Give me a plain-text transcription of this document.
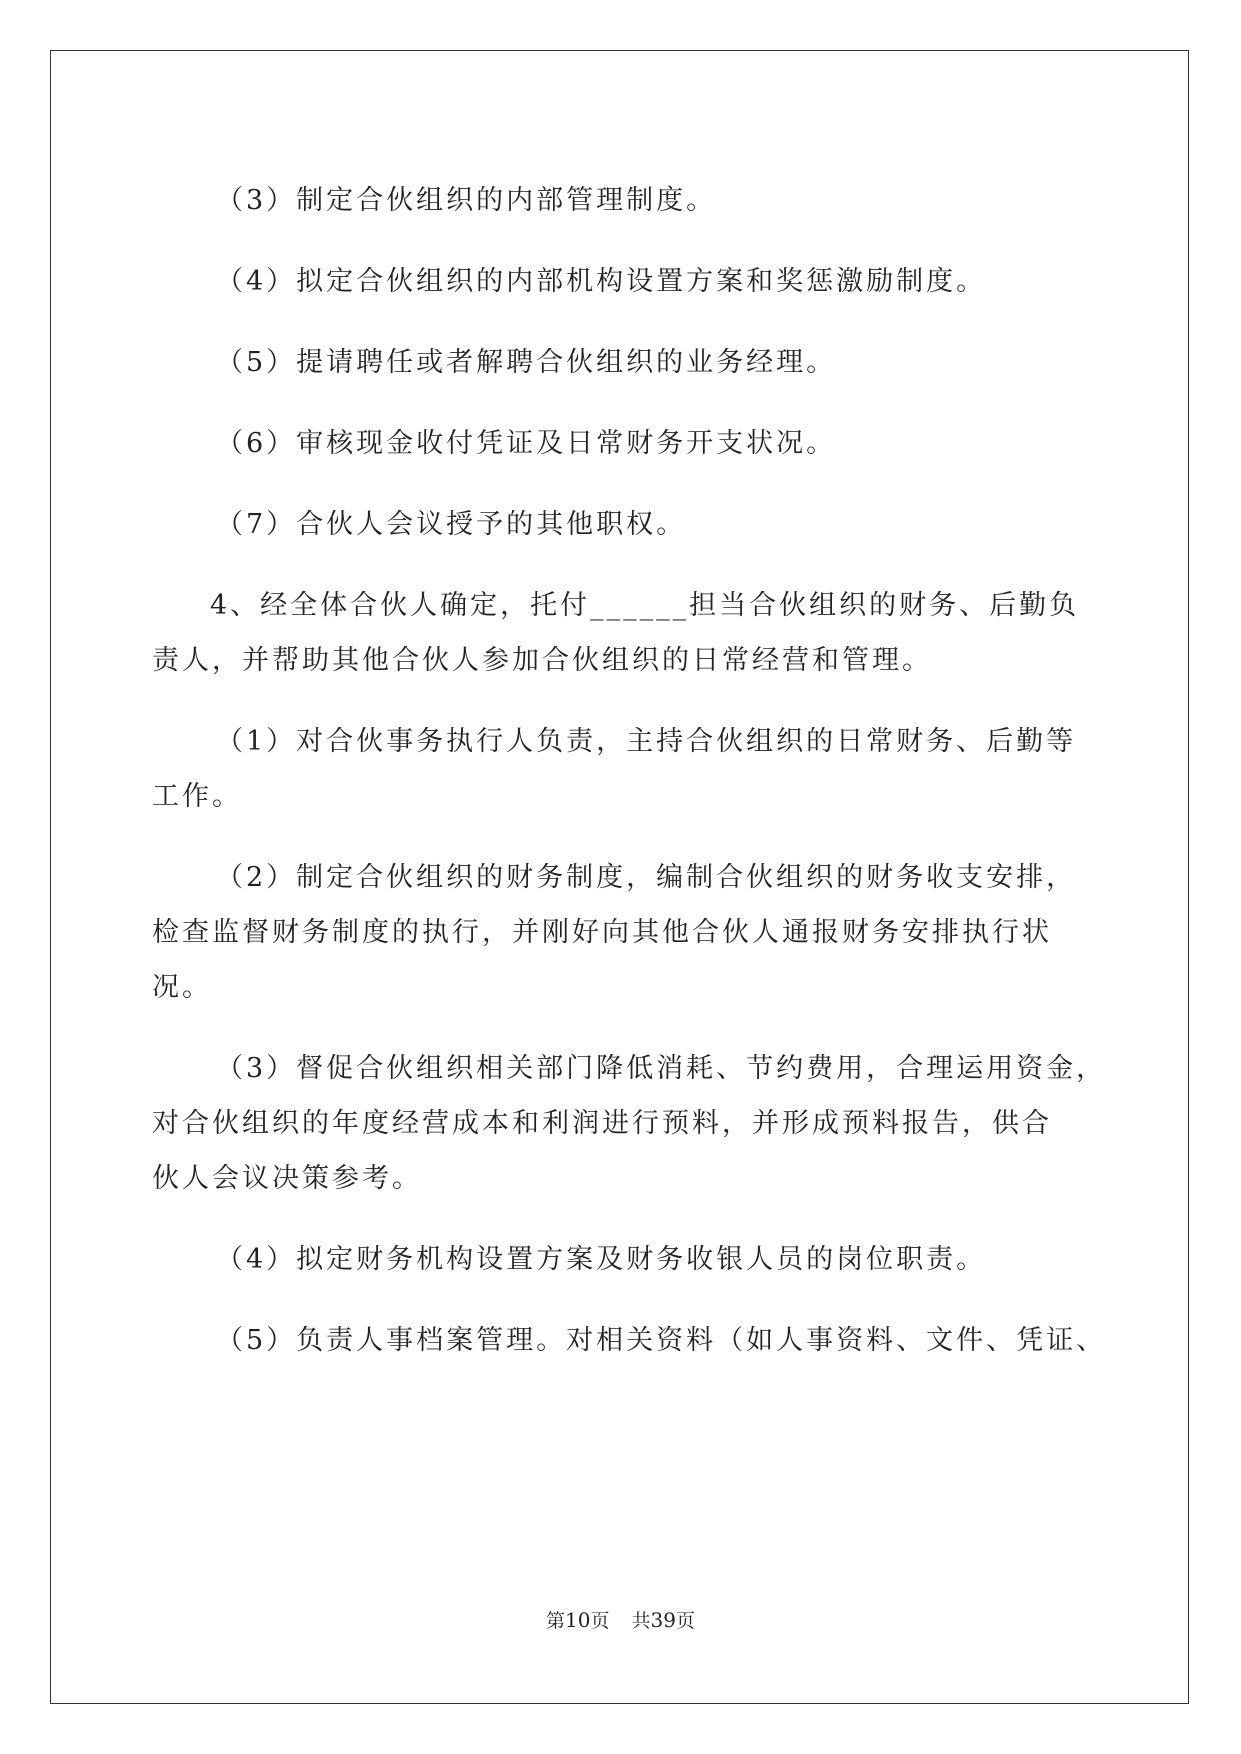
（3）制定合伙组织的内部管理制度。
（4）拟定合伙组织的内部机构设置方案和奖惩激励制度。
（5）提请聘任或者解聘合伙组织的业务经理。
（6）审核现金收付凭证及日常财务开支状况。
（7）合伙人会议授予的其他职权。
4、经全体合伙人确定，托付______担当合伙组织的财务、后勤负
责人，并帮助其他合伙人参加合伙组织的日常经营和管理。
（1）对合伙事务执行人负责，主持合伙组织的日常财务、后勤等
工作。
（2）制定合伙组织的财务制度，编制合伙组织的财务收支安排，
检查监督财务制度的执行，并刚好向其他合伙人通报财务安排执行状
况。
（3）督促合伙组织相关部门降低消耗、节约费用，合理运用资金，
对合伙组织的年度经营成本和利润进行预料，并形成预料报告，供合
伙人会议决策参考。
（4）拟定财务机构设置方案及财务收银人员的岗位职责。
（5）负责人事档案管理。对相关资料（如人事资料、文件、凭证、
第10页 共39页
